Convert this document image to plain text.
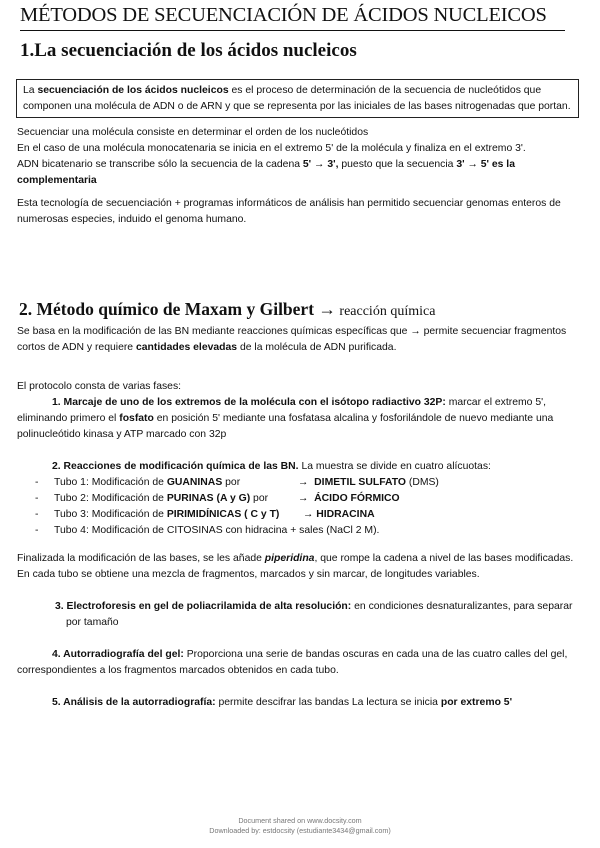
MÉTODOS DE SECUENCIACIÓN DE ÁCIDOS NUCLEICOS
1.La secuenciación de los ácidos nucleicos
La secuenciación de los ácidos nucleicos es el proceso de determinación de la secuencia de nucleótidos que
componen una molécula de ADN o de ARN y que se representa por las iniciales de las bases nitrogenadas que portan.
Secuenciar una molécula consiste en determinar el orden de los nucleótidos
En el caso de una molécula monocatenaria se inicia en el extremo 5' de la molécula y finaliza en el extremo 3'.
ADN bicatenario se transcribe sólo la secuencia de la cadena 5' → 3', puesto que la secuencia 3' → 5' es la
complementaria
Esta tecnología de secuenciación + programas informáticos de análisis han permitido secuenciar genomas enteros de
numerosas especies, induido el genoma humano.
2. Método químico de Maxam y Gilbert → reacción química
Se basa en la modificación de las BN mediante reacciones químicas específicas que → permite secuenciar fragmentos
cortos de ADN y requiere cantidades elevadas de la molécula de ADN purificada.
El protocolo consta de varias fases:
1. Marcaje de uno de los extremos de la molécula con el isótopo radiactivo 32P: marcar el extremo 5',
eliminando primero el fosfato en posición 5' mediante una fosfatasa alcalina y fosforilándole de nuevo mediante una
polinucleótido kinasa y ATP marcado con 32p
2. Reacciones de modificación química de las BN. La muestra se divide en cuatro alícuotas:
- Tubo 1: Modificación de GUANINAS por	→ DIMETIL SULFATO (DMS)
- Tubo 2: Modificación de PURINAS (A y G) por	→ ÁCIDO FÓRMICO
- Tubo 3: Modificación de PIRIMIDÍNICAS ( C y T) → HIDRACINA
- Tubo 4: Modificación de CITOSINAS con hidracina + sales (NaCl 2 M).
Finalizada la modificación de las bases, se les añade piperidina, que rompe la cadena a nivel de las bases modificadas.
En cada tubo se obtiene una mezcla de fragmentos, marcados y sin marcar, de longitudes variables.
3. Electroforesis en gel de poliacrilamida de alta resolución: en condiciones desnaturalizantes, para separar
por tamaño
4. Autorradiografía del gel: Proporciona una serie de bandas oscuras en cada una de las cuatro calles del gel,
correspondientes a los fragmentos marcados obtenidos en cada tubo.
5. Análisis de la autorradiografía: permite descifrar las bandas La lectura se inicia por extremo 5'
Document shared on www.docsity.com
Downloaded by: estdocsity (estudiante3434@gmail.com)
